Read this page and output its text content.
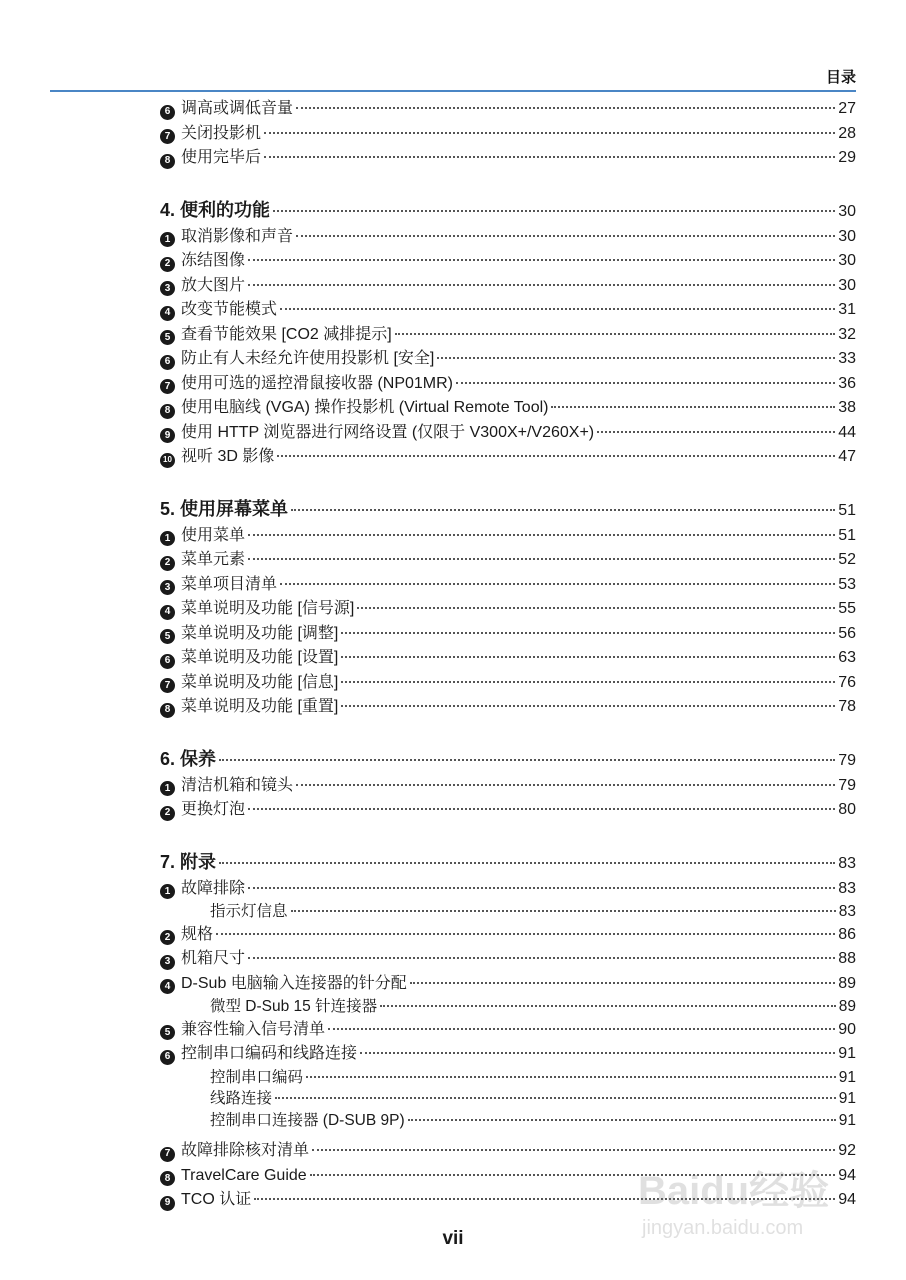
目录
6 调高或调低音量	27
7 关闭投影机	28
8 使用完毕后	29
4. 便利的功能	30
1 取消影像和声音	30
2 冻结图像	30
3 放大图片	30
4 改变节能模式	31
5 查看节能效果 [CO2 减排提示]	32
6 防止有人未经允许使用投影机 [安全]	33
7 使用可选的遥控滑鼠接收器 (NP01MR)	36
8 使用电脑线 (VGA) 操作投影机 (Virtual Remote Tool)	38
9 使用 HTTP 浏览器进行网络设置 (仅限于 V300X+/V260X+)	44
10 视听 3D 影像	47
5. 使用屏幕菜单	51
1 使用菜单	51
2 菜单元素	52
3 菜单项目清单	53
4 菜单说明及功能 [信号源]	55
5 菜单说明及功能 [调整]	56
6 菜单说明及功能 [设置]	63
7 菜单说明及功能 [信息]	76
8 菜单说明及功能 [重置]	78
6. 保养	79
1 清洁机箱和镜头	79
2 更换灯泡	80
7. 附录	83
1 故障排除	83
指示灯信息	83
2 规格	86
3 机箱尺寸	88
4 D-Sub 电脑输入连接器的针分配	89
微型 D-Sub 15 针连接器	89
5 兼容性输入信号清单	90
6 控制串口编码和线路连接	91
控制串口编码	91
线路连接	91
控制串口连接器 (D-SUB 9P)	91
7 故障排除核对清单	92
8 TravelCare Guide	94
9 TCO 认证	94
vii
Baidu经验
jingyan.baidu.com
